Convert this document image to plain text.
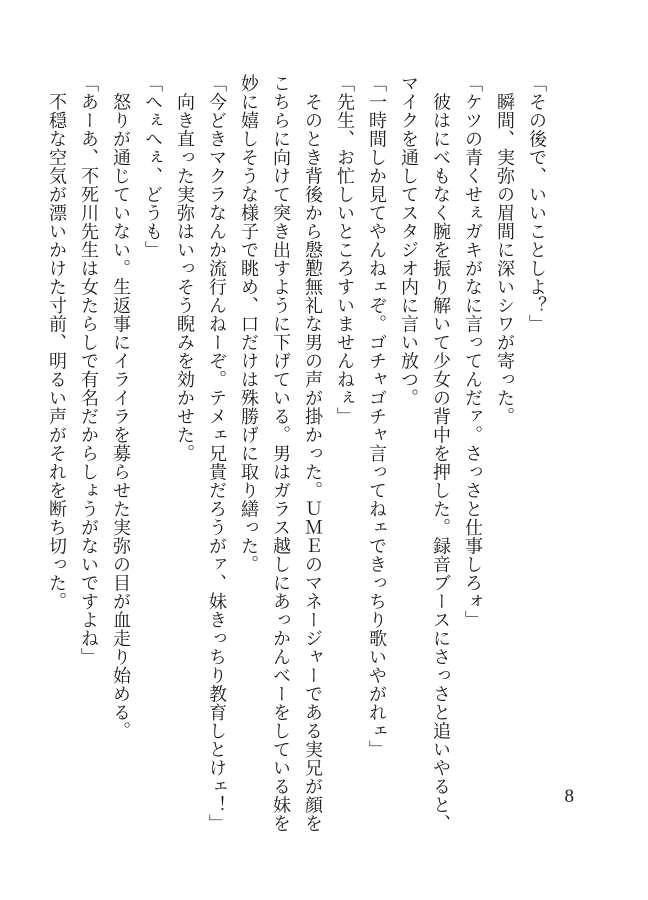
「その後で、いいことしよ？」
　瞬間、実弥の眉間に深いシワが寄った。
「ケツの青くせぇガキがなに言ってんだァ。さっさと仕事しろォ」
　彼はにべもなく腕を振り解いて少女の背中を押した。録音ブースにさっさと追いやると、
マイクを通してスタジオ内に言い放つ。
「一時間しか見てやんねェぞ。ゴチャゴチャ言ってねェできっちり歌いやがれェ」
「先生、お忙しいところすいませんねぇ」
　そのとき背後から慇懃無礼な男の声が掛かった。ＵＭＥのマネージャーである実兄が顔を
こちらに向けて突き出すように下げている。男はガラス越しにあっかんべーをしている妹を
妙に嬉しそうな様子で眺め、口だけは殊勝げに取り繕った。
「今どきマクラなんか流行んねーぞ。テメェ兄貴だろうがァ、妹きっちり教育しとけェ！」
　向き直った実弥はいっそう睨みを効かせた。
「へぇへぇ、どうも」
　怒りが通じていない。生返事にイライラを募らせた実弥の目が血走り始める。
「あーあ、不死川先生は女たらしで有名だからしょうがないですよね」
　不穏な空気が漂いかけた寸前、明るい声がそれを断ち切った。
8
